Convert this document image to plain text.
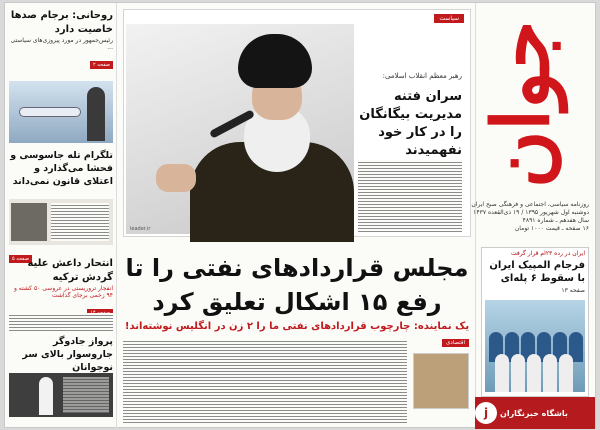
روحانی: برجام صدها خاصیت دارد
رئیس‌جمهور در مورد پیروزی‌های سیاستی ...
صفحه ۲
تلگرام تله جاسوسی و فحشا می‌گذارد و اعتلای قانون نمی‌داند
صفحه ۵
انتحار داعش علیه گردش ترکیه
انفجار تروریستی در عروسی ۵۰ کشته و ۹۴ زخمی برجای گذاشت
پرواز جادوگر جاروسوار بالای سر نوجوانان
سیاست
leader.ir
رهبر معظم انقلاب اسلامی:
سران فتنه مدیریت بیگانگان را در کار خود نفهمیدند
مجلس قراردادهای نفتی را تا رفع ۱۵ اشکال تعلیق کرد
یک نماینده: چارچوب قراردادهای نفتی ما را ۲ زن در انگلیس نوشته‌اند!
اقتصادی
جوان
روزنامه سیاسی، اجتماعی و فرهنگی صبح ایران
دوشنبه اول شهریور ۱۳۹۵ / ۱۹ ذی‌القعده ۱۴۳۷
سال هفدهم ـ شماره ۴۸۹۱
۱۶ صفحه ـ قیمت ۱۰۰۰ تومان
ایران در رده ۲۳ام قرار گرفت
فرجام المپیک ایران با سقوط ۶ پله‌ای
صفحه ۱۳
باشگاه خبرنگاران
j
